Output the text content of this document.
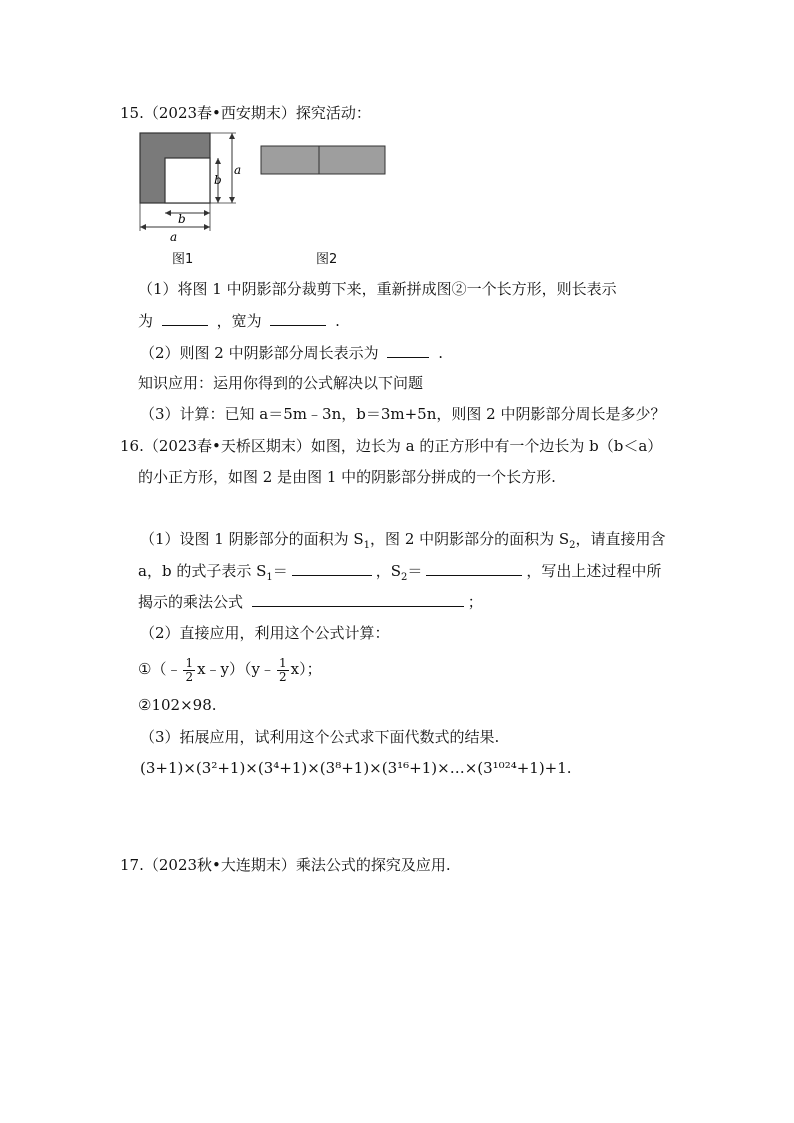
15.（2023春•西安期末）探究活动：
b
a
b
a
图1	图2
（1）将图 1 中阴影部分裁剪下来，重新拼成图②一个长方形，则长表示
为	，宽为	.
（2）则图 2 中阴影部分周长表示为	.
知识应用：运用你得到的公式解决以下问题
（3）计算：已知 a＝5m﹣3n，b＝3m+5n，则图 2 中阴影部分周长是多少？
16.（2023春•天桥区期末）如图，边长为 a 的正方形中有一个边长为 b（b＜a）
的小正方形，如图 2 是由图 1 中的阴影部分拼成的一个长方形.
（1）设图 1 阴影部分的面积为 $S_1$，图 2 中阴影部分的面积为 $S_2$，请直接用含
a，b 的式子表示 $S_1=$	，$S_2=$	，写出上述过程中所
揭示的乘法公式	；
（2）直接应用，利用这个公式计算：
①（﹣ $\frac{1}{2}$ x﹣y）（y﹣ $\frac{1}{2} x$）；
②102×98.
（3）拓展应用，试利用这个公式求下面代数式的结果.
(3+1)×(3²+1)×(3⁴+1)×(3⁸+1)×(3¹⁶+1)×…×(3¹⁰²⁴+1)+1.
17.（2023秋•大连期末）乘法公式的探究及应用.
